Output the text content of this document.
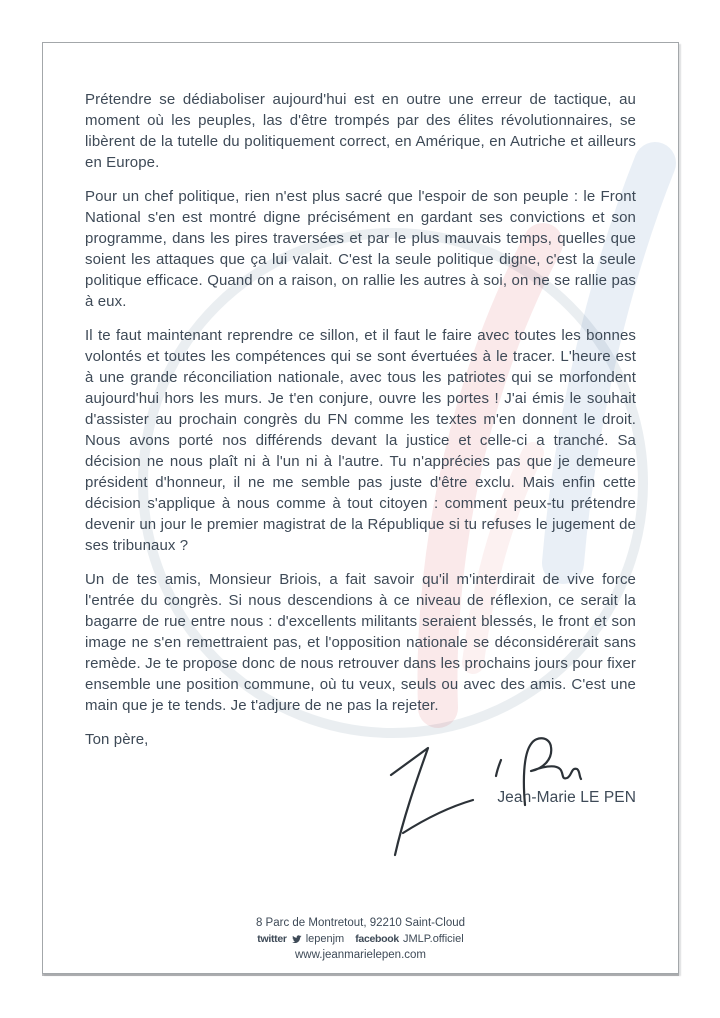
Prétendre se dédiaboliser aujourd'hui est en outre une erreur de tactique, au moment où les peuples, las d'être trompés par des élites révolutionnaires, se libèrent de la tutelle du politiquement correct, en Amérique, en Autriche et ailleurs en Europe.

Pour un chef politique, rien n'est plus sacré que l'espoir de son peuple : le Front National s'en est montré digne précisément en gardant ses convictions et son programme, dans les pires traversées et par le plus mauvais temps, quelles que soient les attaques que ça lui valait. C'est la seule politique digne, c'est la seule politique efficace. Quand on a raison, on rallie les autres à soi, on ne se rallie pas à eux.

Il te faut maintenant reprendre ce sillon, et il faut le faire avec toutes les bonnes volontés et toutes les compétences qui se sont évertuées à le tracer. L'heure est à une grande réconciliation nationale, avec tous les patriotes qui se morfondent aujourd'hui hors les murs. Je t'en conjure, ouvre les portes ! J'ai émis le souhait d'assister au prochain congrès du FN comme les textes m'en donnent le droit. Nous avons porté nos différends devant la justice et celle-ci a tranché. Sa décision ne nous plaît ni à l'un ni à l'autre. Tu n'apprécies pas que je demeure président d'honneur, il ne me semble pas juste d'être exclu. Mais enfin cette décision s'applique à nous comme à tout citoyen : comment peux-tu prétendre devenir un jour le premier magistrat de la République si tu refuses le jugement de ses tribunaux ?

Un de tes amis, Monsieur Briois, a fait savoir qu'il m'interdirait de vive force l'entrée du congrès. Si nous descendions à ce niveau de réflexion, ce serait la bagarre de rue entre nous : d'excellents militants seraient blessés, le front et son image ne s'en remettraient pas, et l'opposition nationale se déconsidérerait sans remède. Je te propose donc de nous retrouver dans les prochains jours pour fixer ensemble une position commune, où tu veux, seuls ou avec des amis. C'est une main que je te tends. Je t'adjure de ne pas la rejeter.

Ton père,

Jean-Marie LE PEN
8 Parc de Montretout, 92210 Saint-Cloud
twitter lepenjm facebook JMLP.officiel
www.jeanmarielepen.com
